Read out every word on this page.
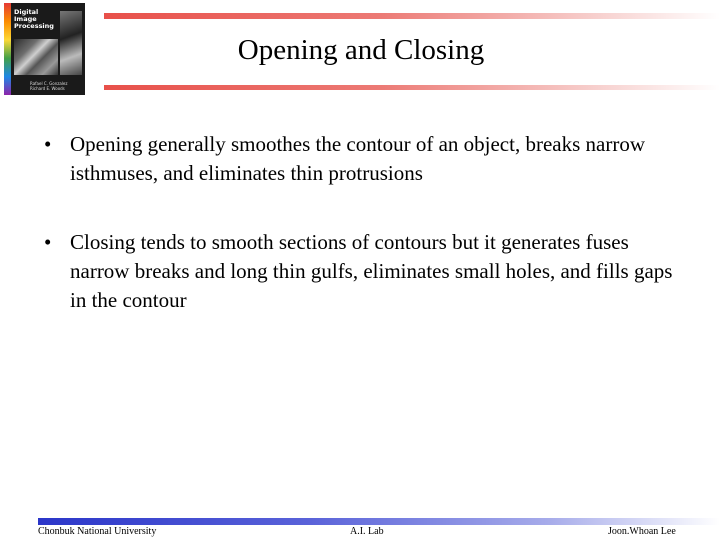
Digital Image Processing
Rafael C. Gonzalez Richard E. Woods
Opening and Closing
• Opening generally smoothes the contour of an object, breaks narrow isthmuses, and eliminates thin protrusions
• Closing tends to smooth sections of contours but it generates fuses narrow breaks and long thin gulfs, eliminates small holes, and fills gaps in the contour
Chonbuk National University	A.I. Lab	Joon.Whoan Lee
